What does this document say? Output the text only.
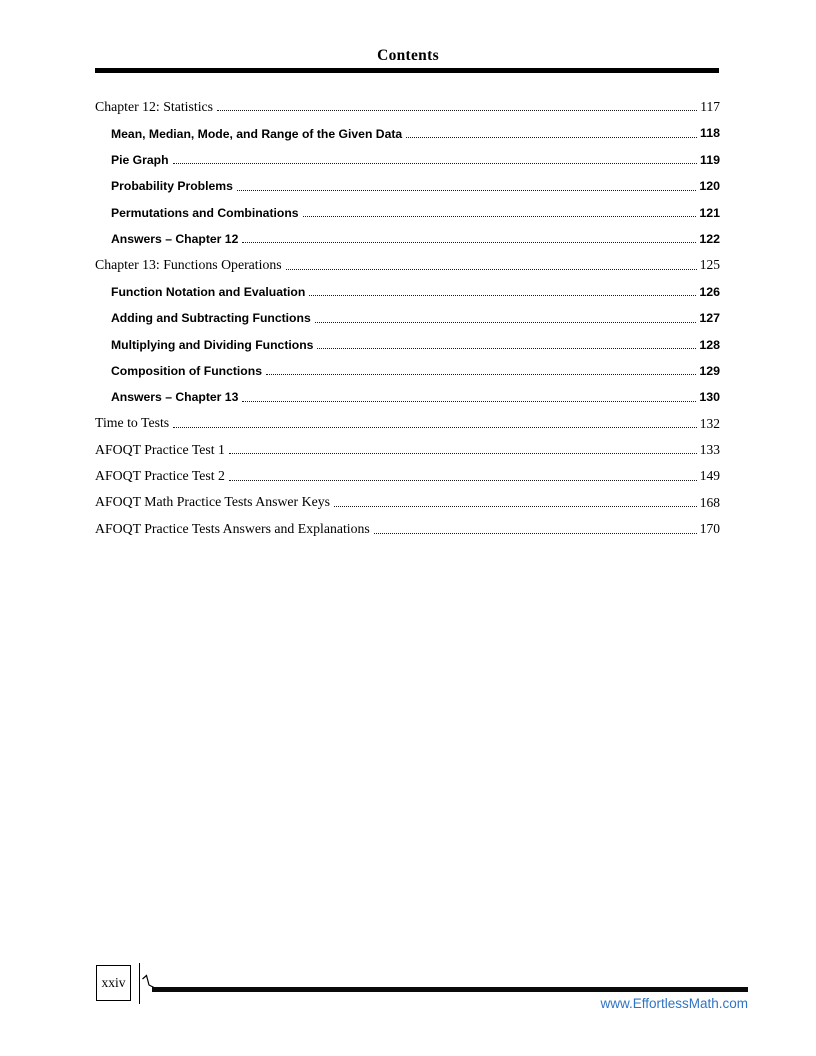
Contents
Chapter 12: Statistics	117
Mean, Median, Mode, and Range of the Given Data	118
Pie Graph	119
Probability Problems	120
Permutations and Combinations	121
Answers – Chapter 12	122
Chapter 13: Functions Operations	125
Function Notation and Evaluation	126
Adding and Subtracting Functions	127
Multiplying and Dividing Functions	128
Composition of Functions	129
Answers – Chapter 13	130
Time to Tests	132
AFOQT Practice Test 1	133
AFOQT Practice Test 2	149
AFOQT Math Practice Tests Answer Keys	168
AFOQT Practice Tests Answers and Explanations	170
xxiv
www.EffortlessMath.com
